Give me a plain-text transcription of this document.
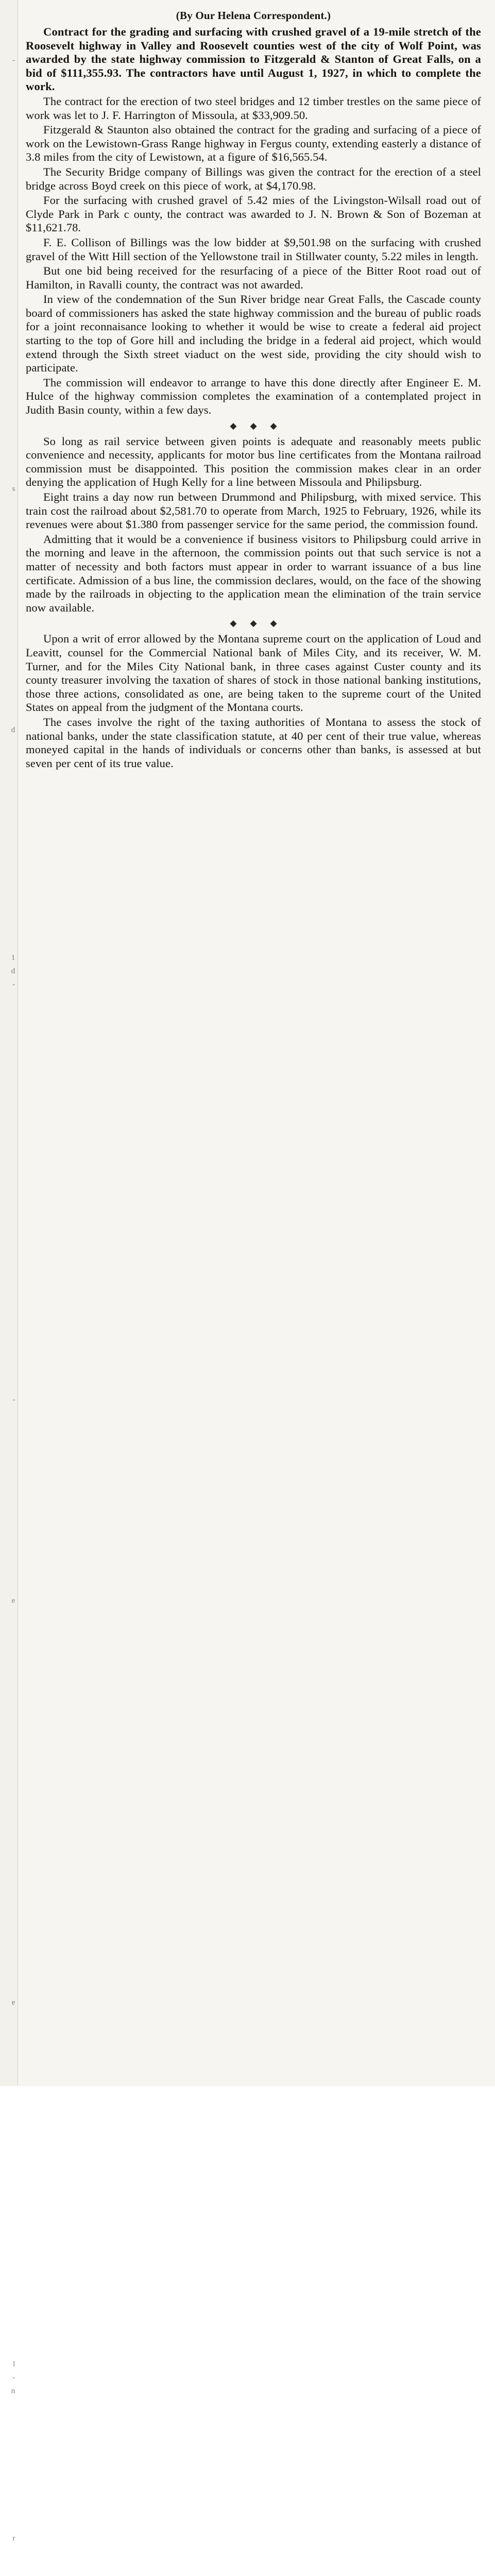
-

s

d

1
d
-

-

e

e

l
-
n

r

(By Our Helena Correspondent.)

Contract for the grading and surfacing with crushed gravel of a 19-mile stretch of the Roosevelt highway in Valley and Roosevelt counties west of the city of Wolf Point, was awarded by the state highway commission to Fitzgerald & Stanton of Great Falls, on a bid of $111,355.93. The contractors have until August 1, 1927, in which to complete the work.

The contract for the erection of two steel bridges and 12 timber trestles on the same piece of work was let to J. F. Harrington of Missoula, at $33,909.50.

Fitzgerald & Staunton also obtained the contract for the grading and surfacing of a piece of work on the Lewistown-Grass Range highway in Fergus county, extending easterly a distance of 3.8 miles from the city of Lewistown, at a figure of $16,565.54.

The Security Bridge company of Billings was given the contract for the erection of a steel bridge across Boyd creek on this piece of work, at $4,170.98.

For the surfacing with crushed gravel of 5.42 mies of the Livingston-Wilsall road out of Clyde Park in Park c ounty, the contract was awarded to J. N. Brown & Son of Bozeman at $11,621.78.

F. E. Collison of Billings was the low bidder at $9,501.98 on the surfacing with crushed gravel of the Witt Hill section of the Yellowstone trail in Stillwater county, 5.22 miles in length.

But one bid being received for the resurfacing of a piece of the Bitter Root road out of Hamilton, in Ravalli county, the contract was not awarded.

In view of the condemnation of the Sun River bridge near Great Falls, the Cascade county board of commissioners has asked the state highway commission and the bureau of public roads for a joint reconnaisance looking to whether it would be wise to create a federal aid project starting to the top of Gore hill and including the bridge in a federal aid project, which would extend through the Sixth street viaduct on the west side, providing the city should wish to participate.

The commission will endeavor to arrange to have this done directly after Engineer E. M. Hulce of the highway commission completes the examination of a contemplated project in Judith Basin county, within a few days.

◆◆◆

So long as rail service between given points is adequate and reasonably meets public convenience and necessity, applicants for motor bus line certificates from the Montana railroad commission must be disappointed. This position the commission makes clear in an order denying the application of Hugh Kelly for a line between Missoula and Philipsburg.

Eight trains a day now run between Drummond and Philipsburg, with mixed service. This train cost the railroad about $2,581.70 to operate from March, 1925 to February, 1926, while its revenues were about $1.380 from passenger service for the same period, the commission found.

Admitting that it would be a convenience if business visitors to Philipsburg could arrive in the morning and leave in the afternoon, the commission points out that such service is not a matter of necessity and both factors must appear in order to warrant issuance of a bus line certificate. Admission of a bus line, the commission declares, would, on the face of the showing made by the railroads in objecting to the application mean the elimination of the train service now available.

◆◆◆

Upon a writ of error allowed by the Montana supreme court on the application of Loud and Leavitt, counsel for the Commercial National bank of Miles City, and its receiver, W. M. Turner, and for the Miles City National bank, in three cases against Custer county and its county treasurer involving the taxation of shares of stock in those national banking institutions, those three actions, consolidated as one, are being taken to the supreme court of the United States on appeal from the judgment of the Montana courts.

The cases involve the right of the taxing authorities of Montana to assess the stock of national banks, under the state classification statute, at 40 per cent of their true value, whereas moneyed capital in the hands of individuals or concerns other than banks, is assessed at but seven per cent of its true value.
